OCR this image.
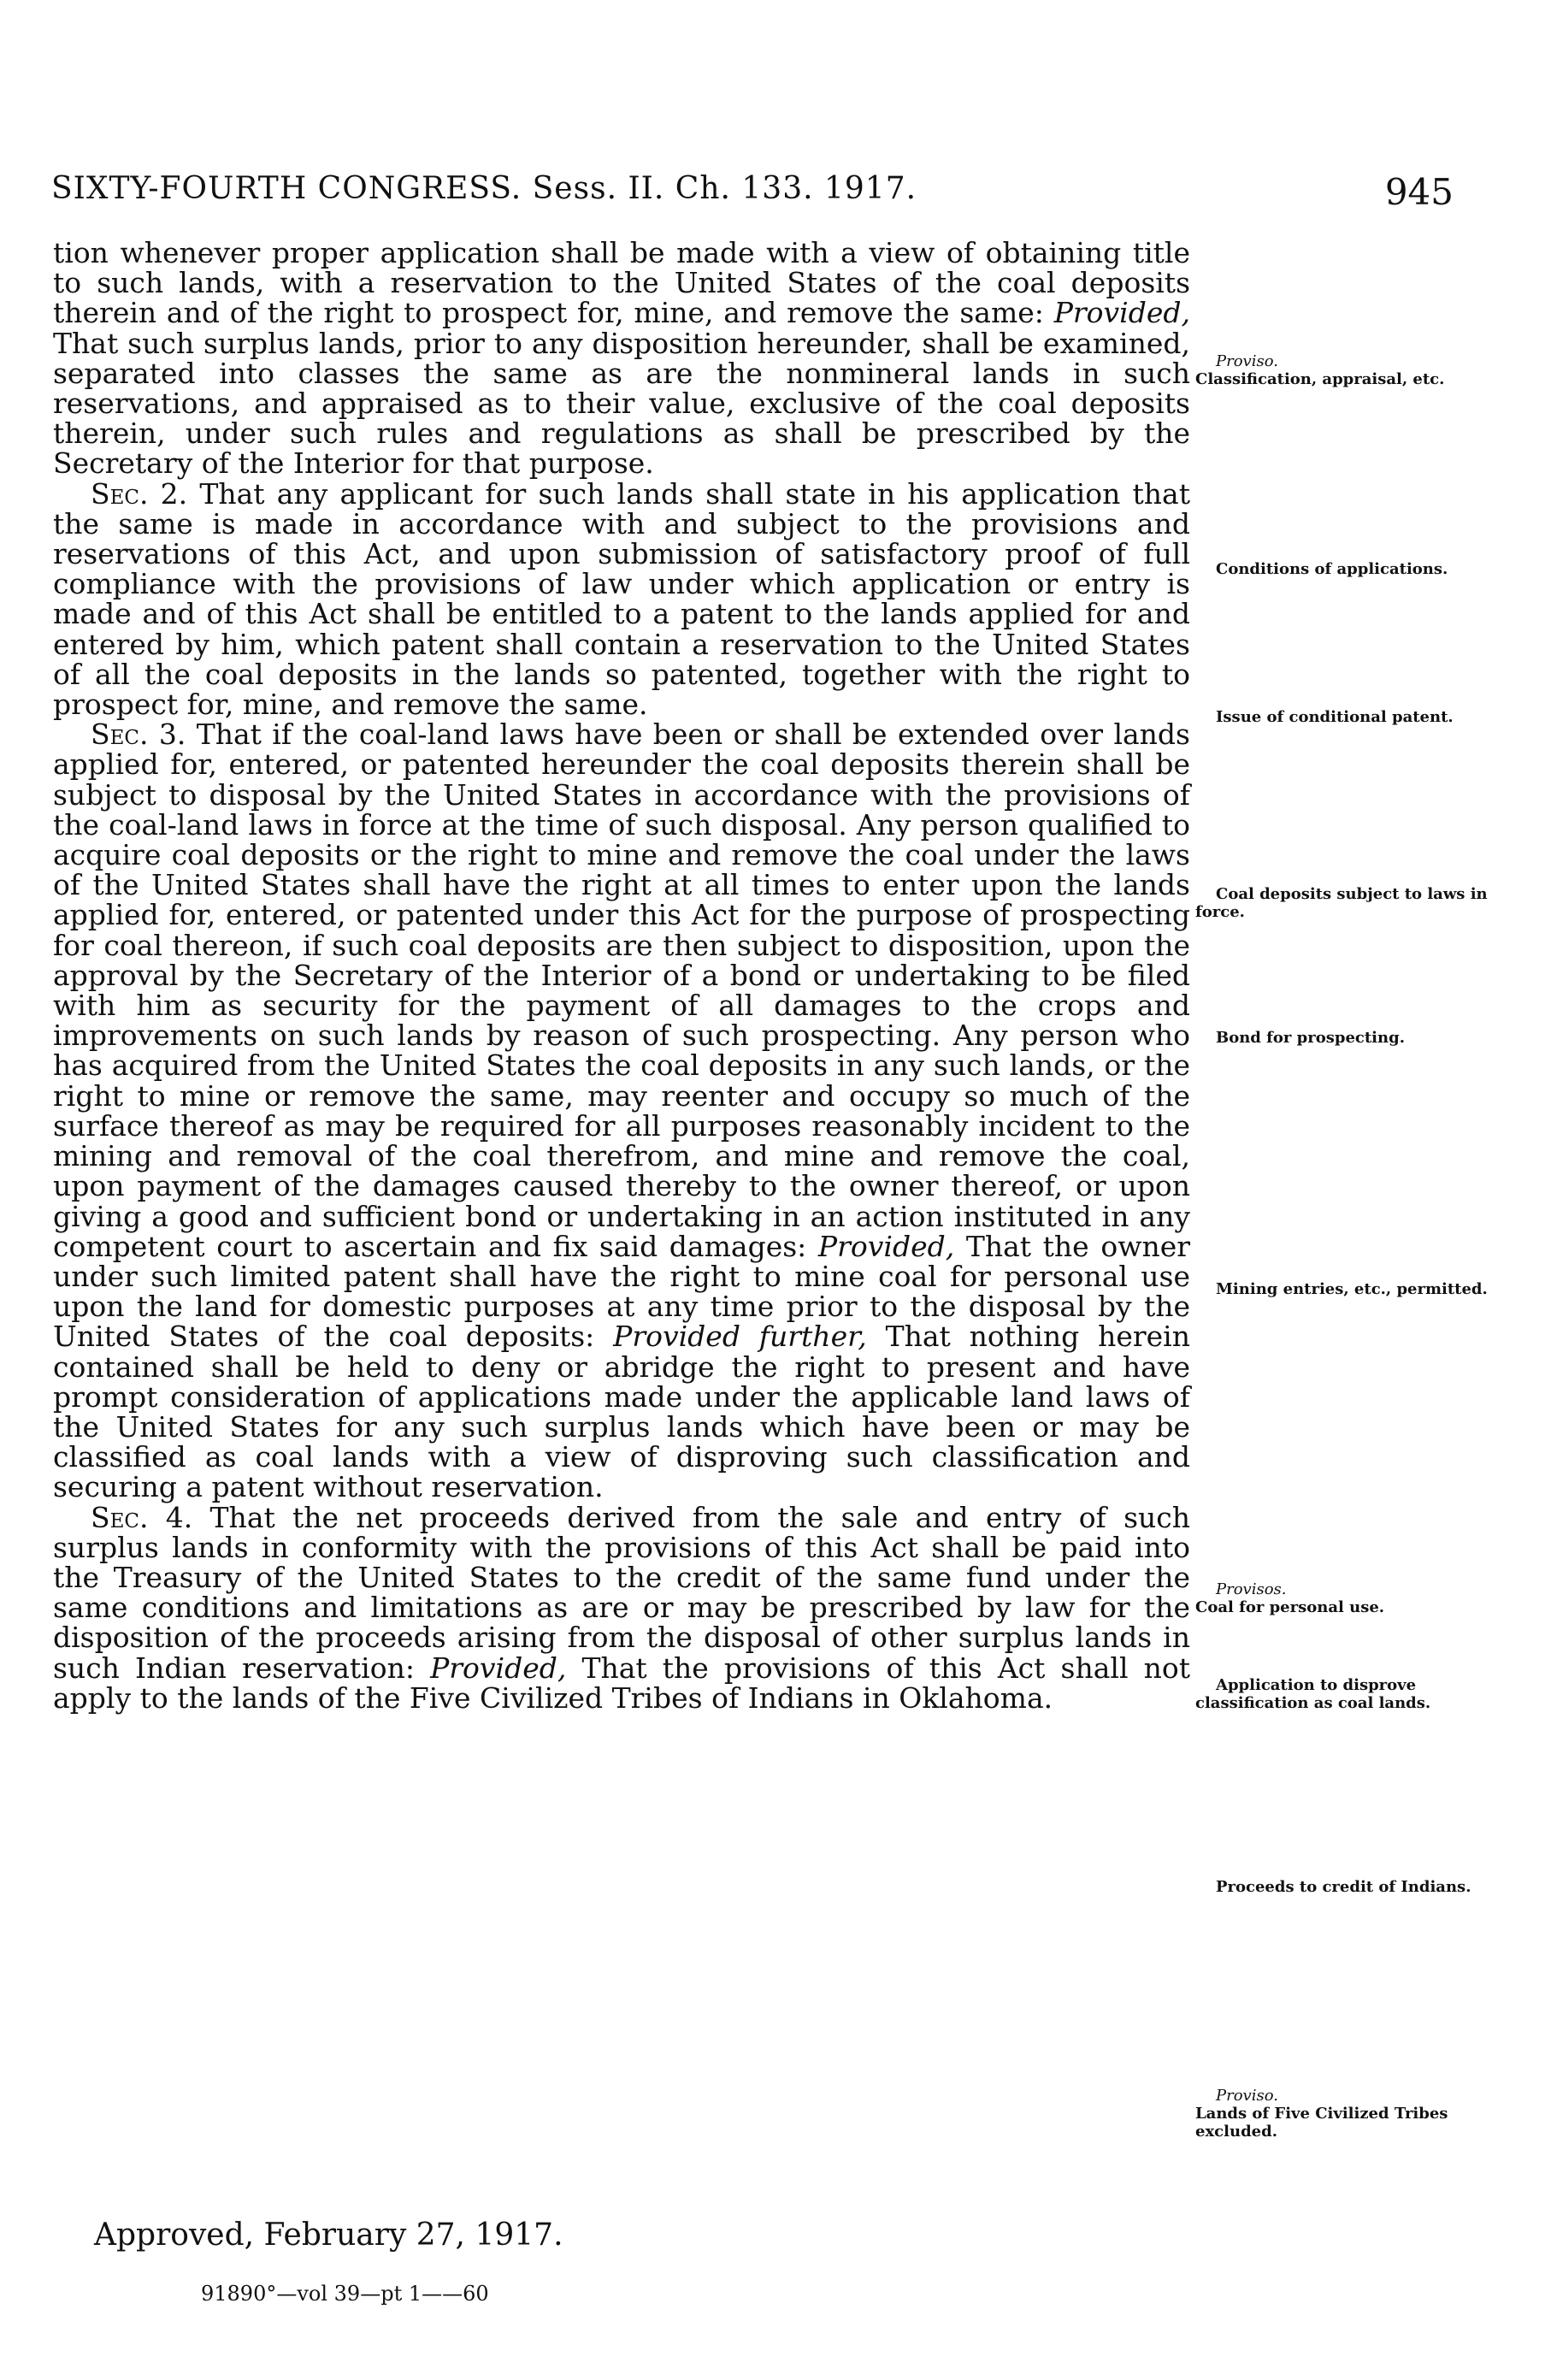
SIXTY-FOURTH CONGRESS. Sess. II. Ch. 133. 1917.	945

tion whenever proper application shall be made with a view of obtaining title to such lands, with a reservation to the United States of the coal deposits therein and of the right to prospect for, mine, and remove the same: Provided, That such surplus lands, prior to any disposition hereunder, shall be examined, separated into classes the same as are the nonmineral lands in such reservations, and appraised as to their value, exclusive of the coal deposits therein, under such rules and regulations as shall be prescribed by the Secretary of the Interior for that purpose.

Sec. 2. That any applicant for such lands shall state in his application that the same is made in accordance with and subject to the provisions and reservations of this Act, and upon submission of satisfactory proof of full compliance with the provisions of law under which application or entry is made and of this Act shall be entitled to a patent to the lands applied for and entered by him, which patent shall contain a reservation to the United States of all the coal deposits in the lands so patented, together with the right to prospect for, mine, and remove the same.

Sec. 3. That if the coal-land laws have been or shall be extended over lands applied for, entered, or patented hereunder the coal deposits therein shall be subject to disposal by the United States in accordance with the provisions of the coal-land laws in force at the time of such disposal. Any person qualified to acquire coal deposits or the right to mine and remove the coal under the laws of the United States shall have the right at all times to enter upon the lands applied for, entered, or patented under this Act for the purpose of prospecting for coal thereon, if such coal deposits are then subject to disposition, upon the approval by the Secretary of the Interior of a bond or undertaking to be filed with him as security for the payment of all damages to the crops and improvements on such lands by reason of such prospecting. Any person who has acquired from the United States the coal deposits in any such lands, or the right to mine or remove the same, may reenter and occupy so much of the surface thereof as may be required for all purposes reasonably incident to the mining and removal of the coal therefrom, and mine and remove the coal, upon payment of the damages caused thereby to the owner thereof, or upon giving a good and sufficient bond or undertaking in an action instituted in any competent court to ascertain and fix said damages: Provided, That the owner under such limited patent shall have the right to mine coal for personal use upon the land for domestic purposes at any time prior to the disposal by the United States of the coal deposits: Provided further, That nothing herein contained shall be held to deny or abridge the right to present and have prompt consideration of applications made under the applicable land laws of the United States for any such surplus lands which have been or may be classified as coal lands with a view of disproving such classification and securing a patent without reservation.

Sec. 4. That the net proceeds derived from the sale and entry of such surplus lands in conformity with the provisions of this Act shall be paid into the Treasury of the United States to the credit of the same fund under the same conditions and limitations as are or may be prescribed by law for the disposition of the proceeds arising from the disposal of other surplus lands in such Indian reservation: Provided, That the provisions of this Act shall not apply to the lands of the Five Civilized Tribes of Indians in Oklahoma.

Approved, February 27, 1917.
91890°—vol 39—pt 1——60
Proviso.
Classification, appraisal, etc.
Conditions of applications.
Issue of conditional patent.
Coal deposits subject to laws in force.
Bond for prospecting.
Mining entries, etc., permitted.
Provisos.
Coal for personal use.
Application to disprove classification as coal lands.
Proceeds to credit of Indians.
Proviso.
Lands of Five Civilized Tribes excluded.
